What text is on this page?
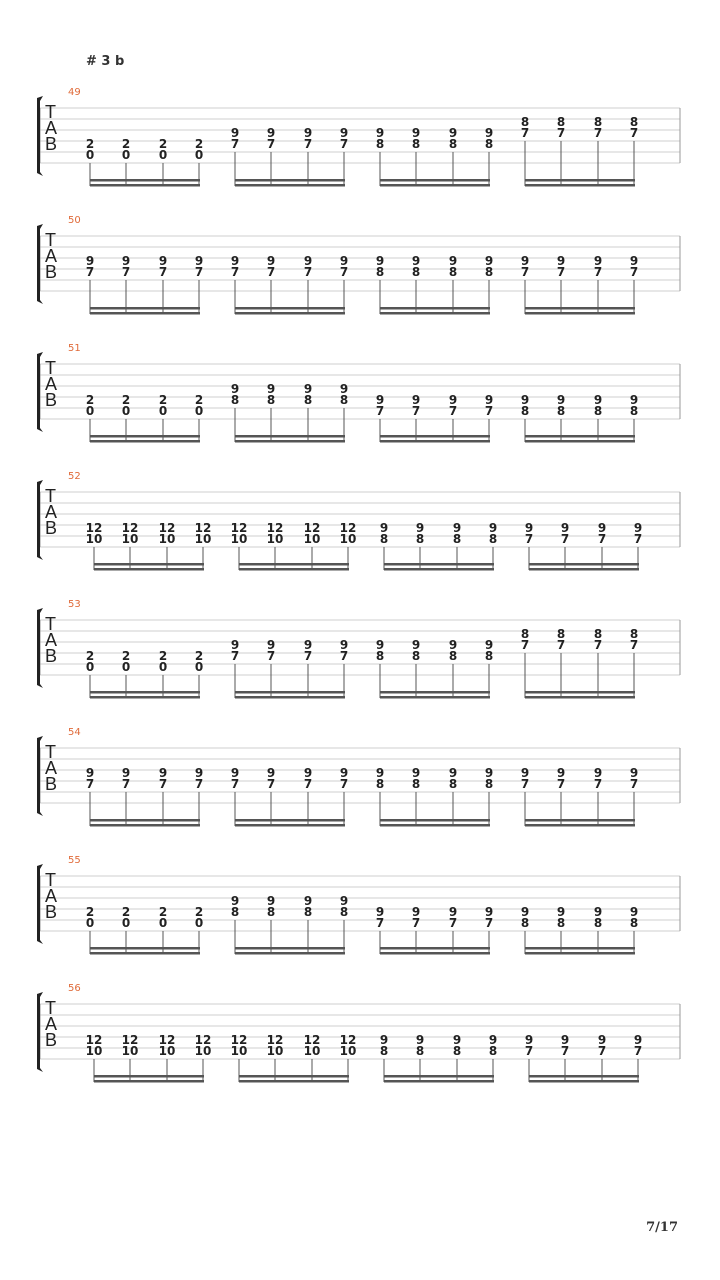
# 3 b
49
T
A
B 2
0
2
0
2
0
2
0
9
7
9
7
9
7
9
7
9
8
9
8
9
8
9
8
8
7
8
7
8
7
8
7
50
T
A
B
9
7
9
7
9
7
9
7
9
7
9
7
9
7
9
7
9
8
9
8
9
8
9
8
9
7
9
7
9
7
9
7
51
T
A
B 2
0
2
0
2
0
2
0
9
8
9
8
9
8
9
8 9
7
9
7
9
7
9
7
9
8
9
8
9
8
9
8
52
T
A
B 12
10
12
10
12
10
12
10
12
10
12
10
12
10
12
10
9
8
9
8
9
8
9
8
9
7
9
7
9
7
9
7
53
T
A
B 2
0
2
0
2
0
2
0
9
7
9
7
9
7
9
7
9
8
9
8
9
8
9
8
8
7
8
7
8
7
8
7
54
T
A
B
9
7
9
7
9
7
9
7
9
7
9
7
9
7
9
7
9
8
9
8
9
8
9
8
9
7
9
7
9
7
9
7
55
T
A
B 2
0
2
0
2
0
2
0
9
8
9
8
9
8
9
8 9
7
9
7
9
7
9
7
9
8
9
8
9
8
9
8
56
T
A
B 12
10
12
10
12
10
12
10
12
10
12
10
12
10
12
10
9
8
9
8
9
8
9
8
9
7
9
7
9
7
9
7
7/17
